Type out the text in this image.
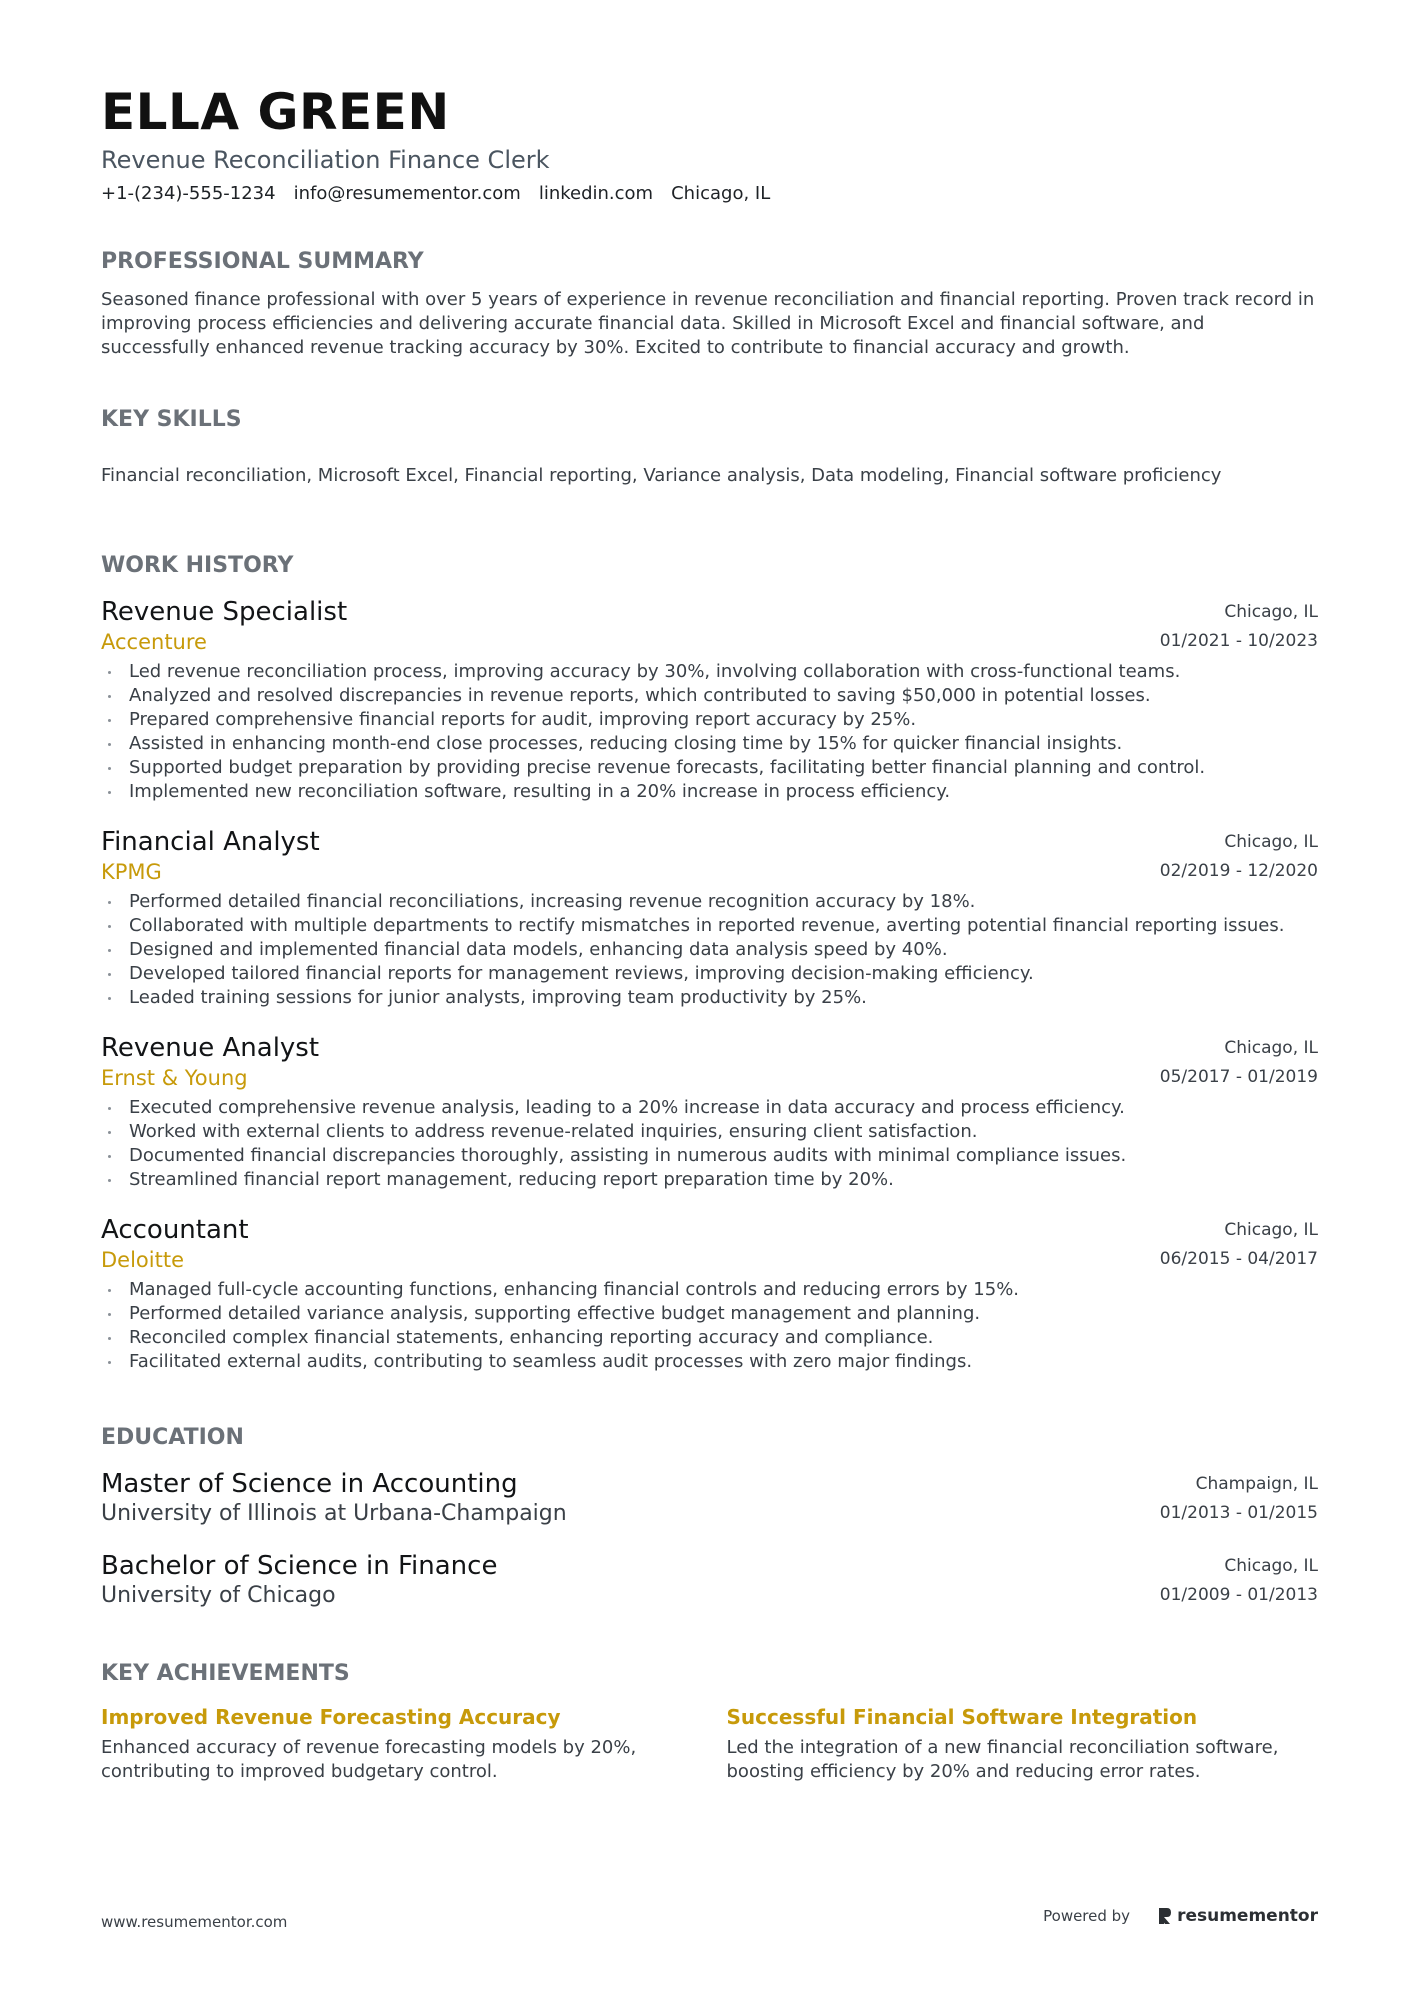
ELLA GREEN
Revenue Reconciliation Finance Clerk
+1-(234)-555-1234 info@resumementor.com linkedin.com Chicago, IL
PROFESSIONAL SUMMARY
Seasoned finance professional with over 5 years of experience in revenue reconciliation and financial reporting. Proven track record in improving process efficiencies and delivering accurate financial data. Skilled in Microsoft Excel and financial software, and successfully enhanced revenue tracking accuracy by 30%. Excited to contribute to financial accuracy and growth.
KEY SKILLS
Financial reconciliation, Microsoft Excel, Financial reporting, Variance analysis, Data modeling, Financial software proficiency
WORK HISTORY
Revenue Specialist
Accenture
Chicago, IL
01/2021 - 10/2023
Led revenue reconciliation process, improving accuracy by 30%, involving collaboration with cross-functional teams.
Analyzed and resolved discrepancies in revenue reports, which contributed to saving $50,000 in potential losses.
Prepared comprehensive financial reports for audit, improving report accuracy by 25%.
Assisted in enhancing month-end close processes, reducing closing time by 15% for quicker financial insights.
Supported budget preparation by providing precise revenue forecasts, facilitating better financial planning and control.
Implemented new reconciliation software, resulting in a 20% increase in process efficiency.
Financial Analyst
KPMG
Chicago, IL
02/2019 - 12/2020
Performed detailed financial reconciliations, increasing revenue recognition accuracy by 18%.
Collaborated with multiple departments to rectify mismatches in reported revenue, averting potential financial reporting issues.
Designed and implemented financial data models, enhancing data analysis speed by 40%.
Developed tailored financial reports for management reviews, improving decision-making efficiency.
Leaded training sessions for junior analysts, improving team productivity by 25%.
Revenue Analyst
Ernst & Young
Chicago, IL
05/2017 - 01/2019
Executed comprehensive revenue analysis, leading to a 20% increase in data accuracy and process efficiency.
Worked with external clients to address revenue-related inquiries, ensuring client satisfaction.
Documented financial discrepancies thoroughly, assisting in numerous audits with minimal compliance issues.
Streamlined financial report management, reducing report preparation time by 20%.
Accountant
Deloitte
Chicago, IL
06/2015 - 04/2017
Managed full-cycle accounting functions, enhancing financial controls and reducing errors by 15%.
Performed detailed variance analysis, supporting effective budget management and planning.
Reconciled complex financial statements, enhancing reporting accuracy and compliance.
Facilitated external audits, contributing to seamless audit processes with zero major findings.
EDUCATION
Master of Science in Accounting
University of Illinois at Urbana-Champaign
Champaign, IL
01/2013 - 01/2015
Bachelor of Science in Finance
University of Chicago
Chicago, IL
01/2009 - 01/2013
KEY ACHIEVEMENTS
Improved Revenue Forecasting Accuracy
Enhanced accuracy of revenue forecasting models by 20%, contributing to improved budgetary control.
Successful Financial Software Integration
Led the integration of a new financial reconciliation software, boosting efficiency by 20% and reducing error rates.
www.resumementor.com	Powered by	resumementor
